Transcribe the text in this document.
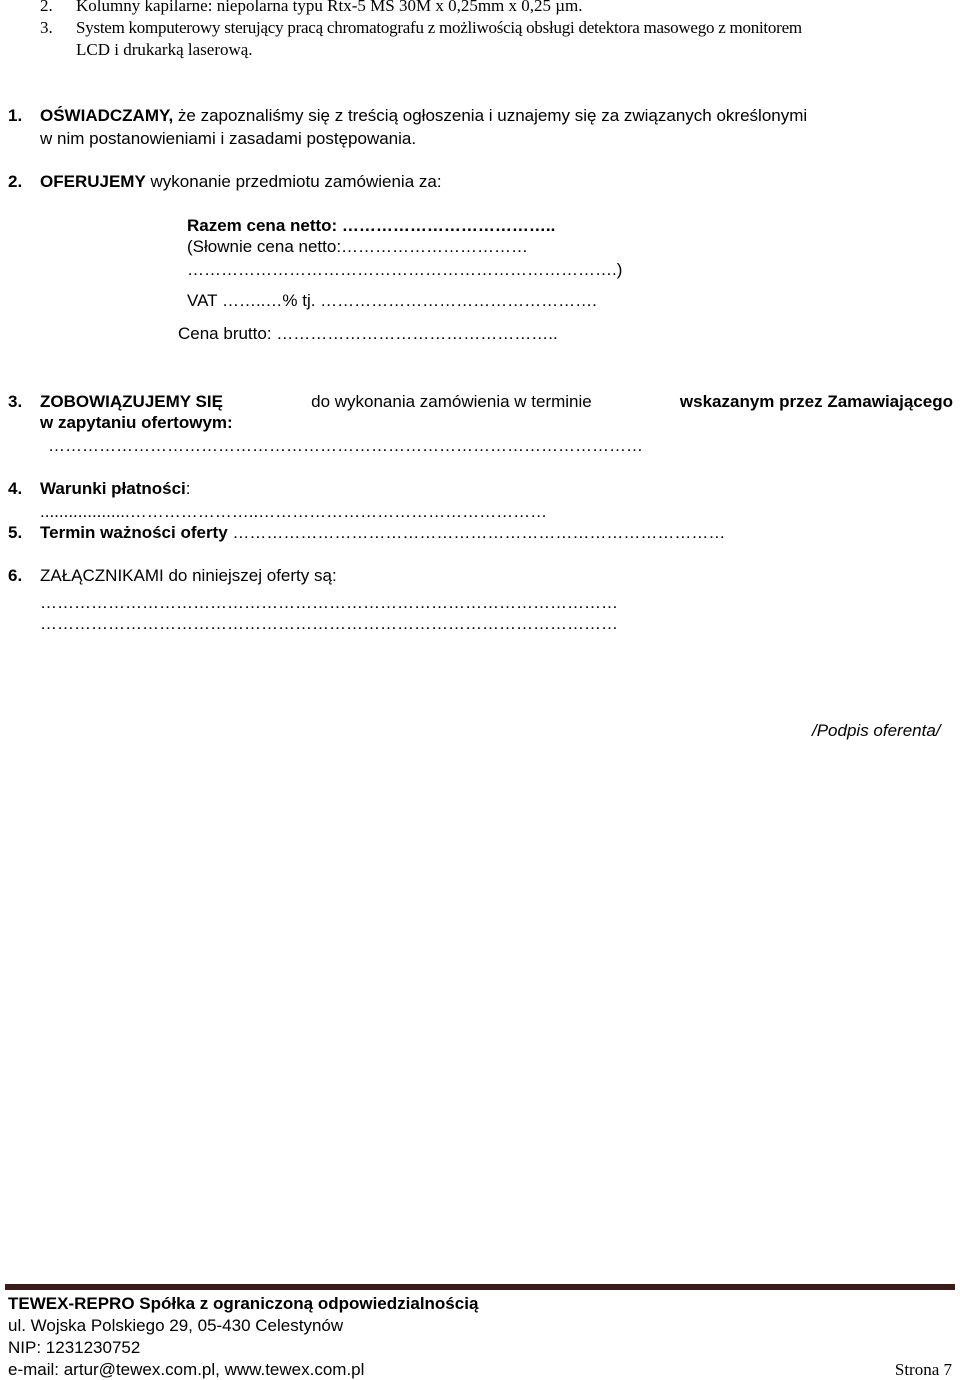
2. Kolumny kapilarne: niepolarna typu Rtx-5 MS 30M x 0,25mm x 0,25 µm.
3. System komputerowy sterujący pracą chromatografu z możliwością obsługi detektora masowego z monitorem
LCD i drukarką laserową.
1. OŚWIADCZAMY, że zapoznaliśmy się z treścią ogłoszenia i uznajemy się za związanych określonymi
w nim postanowieniami i zasadami postępowania.
2. OFERUJEMY wykonanie przedmiotu zamówienia za:
Razem cena netto: ………………………………..
(Słownie cena netto:……………………………
………………………………………………………………….)
VAT ……..…% tj. ………………………………………….
Cena brutto: …………………………………………..
3. ZOBOWIĄZUJEMY SIĘ	do wykonania zamówienia w terminie	wskazanym przez Zamawiającego
w zapytaniu ofertowym:
……………………………………………………………………………………………
4. Warunki płatności:
...................…………………..……………………………………………
5. Termin ważności oferty ……………………………………………………………………………
6. ZAŁĄCZNIKAMI do niniejszej oferty są:
…………………………………………………………………………………………
…………………………………………………………………………………………
/Podpis oferenta/
TEWEX-REPRO Spółka z ograniczoną odpowiedzialnością
ul. Wojska Polskiego 29, 05-430 Celestynów
NIP: 1231230752
e-mail: artur@tewex.com.pl, www.tewex.com.pl	Strona 7
